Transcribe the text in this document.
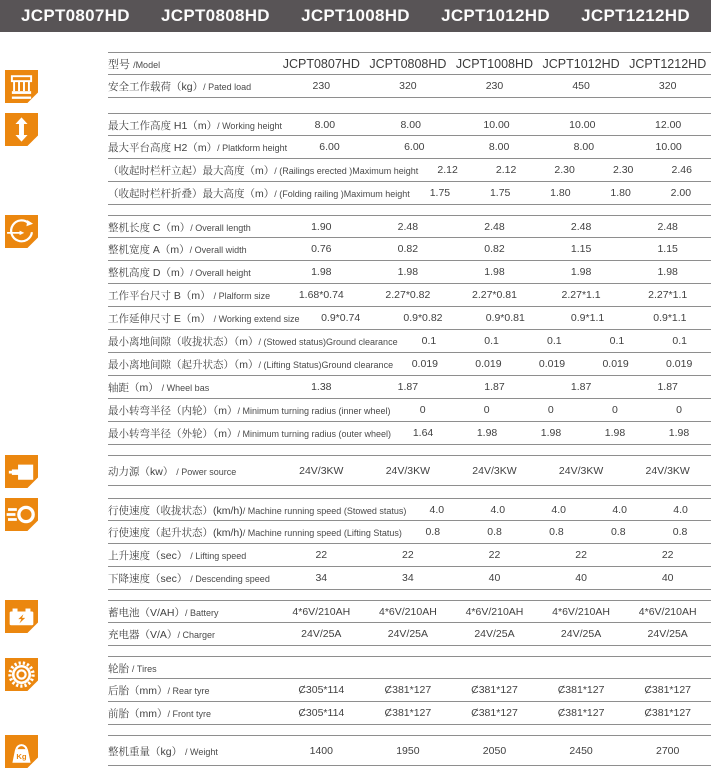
JCPT0807HD JCPT0808HD JCPT1008HD JCPT1012HD JCPT1212HD
型号 /Model	JCPT0807HD JCPT0808HD JCPT1008HD JCPT1012HD JCPT1212HD
安全工作载荷（kg）/ Pated load	230	320	230	450	320
最大工作高度 H1（m）/ Working height	8.00	8.00	10.00	10.00	12.00
最大平台高度 H2（m）/ Platkform height	6.00	6.00	8.00	8.00	10.00
（收起时栏杆立起）最大高度（m）/ (Railings erected )Maximum height	2.12	2.12	2.30	2.30	2.46
（收起时栏杆折叠）最大高度（m）/ (Folding railing )Maximum height	1.75	1.75	1.80	1.80	2.00
整机长度 C（m）/ Overall length	1.90	2.48	2.48	2.48	2.48
整机宽度 A（m）/ Overall width	0.76	0.82	0.82	1.15	1.15
整机高度 D（m）/ Overall height	1.98	1.98	1.98	1.98	1.98
工作平台尺寸 B（m） / Plalform size	1.68*0.74	2.27*0.82	2.27*0.81	2.27*1.1	2.27*1.1
工作延伸尺寸 E（m） / Working extend size	0.9*0.74	0.9*0.82	0.9*0.81	0.9*1.1	0.9*1.1
最小离地间隙（收拢状态）（m）/ (Stowed status)Ground clearance	0.1	0.1	0.1	0.1	0.1
最小离地间隙（起升状态）（m）/ (Lifting Status)Ground clearance	0.019	0.019	0.019	0.019	0.019
轴距（m） / Wheel bas	1.38	1.87	1.87	1.87	1.87
最小转弯半径（内轮）（m）/ Minimum turning radius (inner wheel)	0	0	0	0	0
最小转弯半径（外轮）（m）/ Minimum turning radius (outer wheel)	1.64	1.98	1.98	1.98	1.98
动力源（kw） / Power source	24V/3KW	24V/3KW	24V/3KW	24V/3KW	24V/3KW
行使速度（收拢状态）(km/h)/ Machine running speed (Stowed status)	4.0	4.0	4.0	4.0	4.0
行使速度（起升状态）(km/h)/ Machine running speed (Lifting Status)	0.8	0.8	0.8	0.8	0.8
上升速度（sec） / Lifting speed	22	22	22	22	22
下降速度（sec） / Descending speed	34	34	40	40	40
蓄电池（V/AH）/ Battery	4*6V/210AH	4*6V/210AH	4*6V/210AH	4*6V/210AH	4*6V/210AH
充电器（V/A）/ Charger	24V/25A	24V/25A	24V/25A	24V/25A	24V/25A
轮胎 / Tires
后胎（mm）/ Rear tyre	Ȼ305*114	Ȼ381*127	Ȼ381*127	Ȼ381*127	Ȼ381*127
前胎（mm）/ Front tyre	Ȼ305*114	Ȼ381*127	Ȼ381*127	Ȼ381*127	Ȼ381*127
Kg	整机重量（kg） / Weight	1400	1950	2050	2450	2700
